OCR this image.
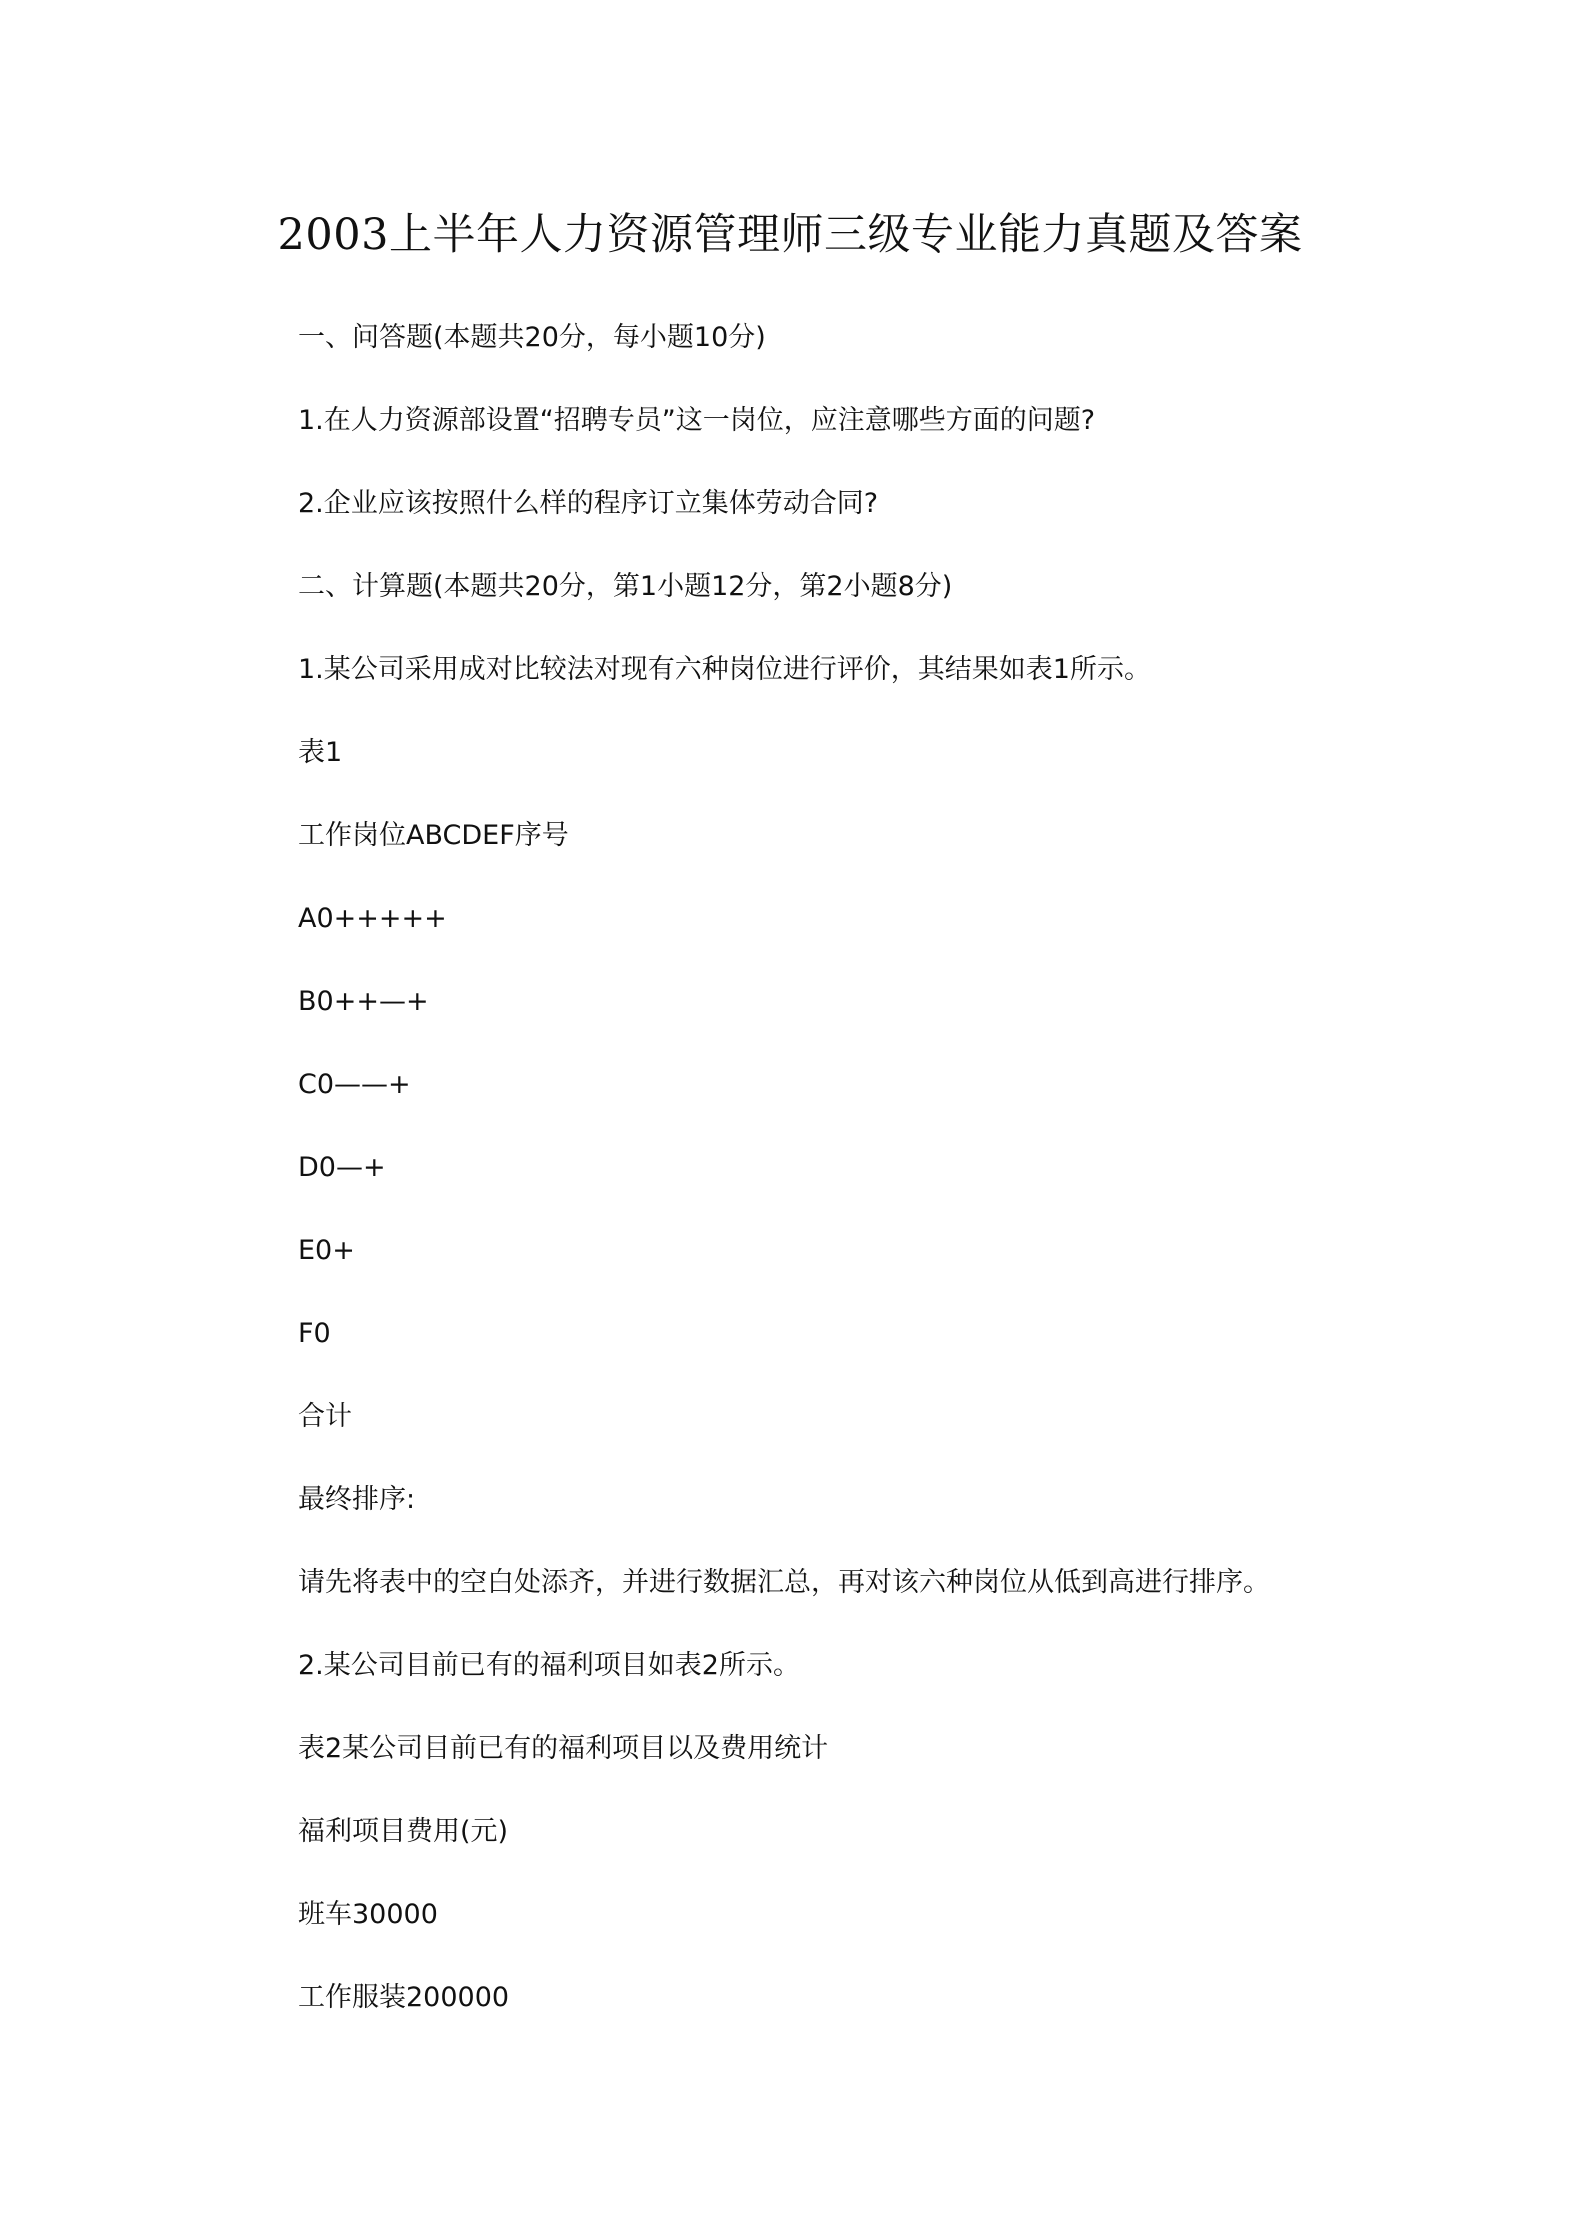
2003上半年人力资源管理师三级专业能力真题及答案
一、问答题(本题共20分，每小题10分)
1.在人力资源部设置“招聘专员”这一岗位，应注意哪些方面的问题?
2.企业应该按照什么样的程序订立集体劳动合同?
二、计算题(本题共20分，第1小题12分，第2小题8分)
1.某公司采用成对比较法对现有六种岗位进行评价，其结果如表1所示。
表1
工作岗位ABCDEF序号
A0+++++
B0++—+
C0——+
D0—+
E0+
F0
合计
最终排序:
请先将表中的空白处添齐，并进行数据汇总，再对该六种岗位从低到高进行排序。
2.某公司目前已有的福利项目如表2所示。
表2某公司目前已有的福利项目以及费用统计
福利项目费用(元)
班车30000
工作服装200000
